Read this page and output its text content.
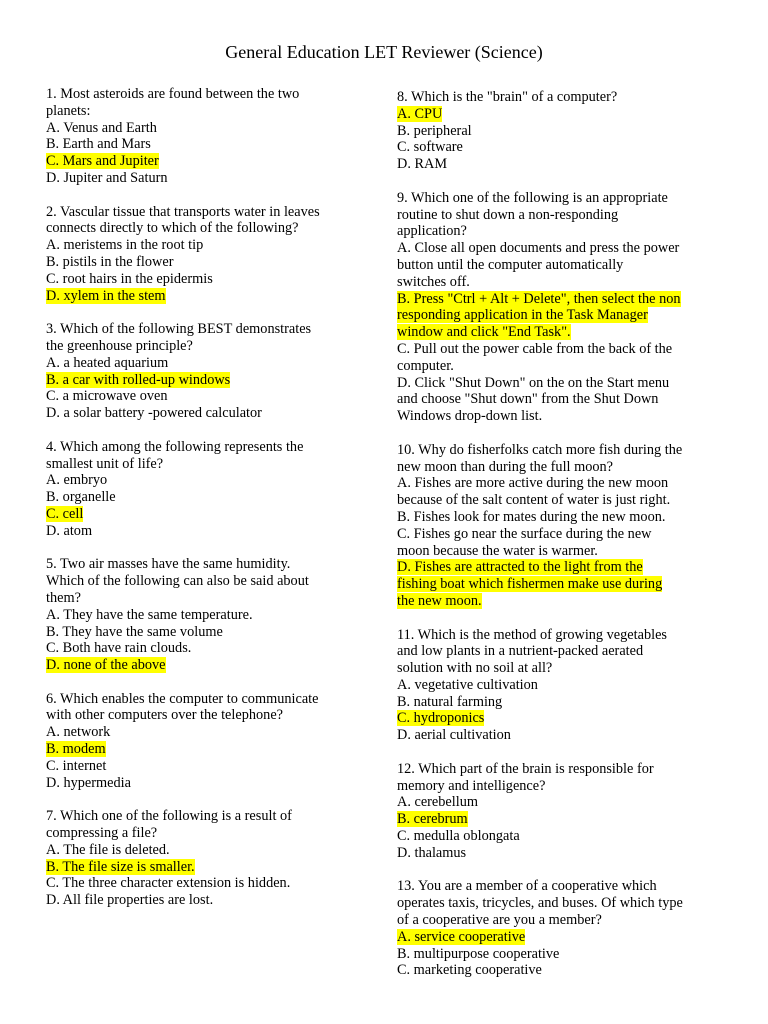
General Education LET Reviewer (Science)
1. Most asteroids are found between the two
planets:
A. Venus and Earth
B. Earth and Mars
C. Mars and Jupiter
D. Jupiter and Saturn
2. Vascular tissue that transports water in leaves
connects directly to which of the following?
A. meristems in the root tip
B. pistils in the flower
C. root hairs in the epidermis
D. xylem in the stem
3. Which of the following BEST demonstrates
the greenhouse principle?
A. a heated aquarium
B. a car with rolled-up windows
C. a microwave oven
D. a solar battery -powered calculator
4. Which among the following represents the
smallest unit of life?
A. embryo
B. organelle
C. cell
D. atom
5. Two air masses have the same humidity.
Which of the following can also be said about
them?
A. They have the same temperature.
B. They have the same volume
C. Both have rain clouds.
D. none of the above
6. Which enables the computer to communicate
with other computers over the telephone?
A. network
B. modem
C. internet
D. hypermedia
7. Which one of the following is a result of
compressing a file?
A. The file is deleted.
B. The file size is smaller.
C. The three character extension is hidden.
D. All file properties are lost.
8. Which is the "brain" of a computer?
A. CPU
B. peripheral
C. software
D. RAM
9. Which one of the following is an appropriate
routine to shut down a non-responding
application?
A. Close all open documents and press the power
button until the computer automatically
switches off.
B. Press "Ctrl + Alt + Delete", then select the non
responding application in the Task Manager
window and click "End Task".
C. Pull out the power cable from the back of the
computer.
D. Click "Shut Down" on the on the Start menu
and choose "Shut down" from the Shut Down
Windows drop-down list.
10. Why do fisherfolks catch more fish during the
new moon than during the full moon?
A. Fishes are more active during the new moon
because of the salt content of water is just right.
B. Fishes look for mates during the new moon.
C. Fishes go near the surface during the new
moon because the water is warmer.
D. Fishes are attracted to the light from the
fishing boat which fishermen make use during
the new moon.
11. Which is the method of growing vegetables
and low plants in a nutrient-packed aerated
solution with no soil at all?
A. vegetative cultivation
B. natural farming
C. hydroponics
D. aerial cultivation
12. Which part of the brain is responsible for
memory and intelligence?
A. cerebellum
B. cerebrum
C. medulla oblongata
D. thalamus
13. You are a member of a cooperative which
operates taxis, tricycles, and buses. Of which type
of a cooperative are you a member?
A. service cooperative
B. multipurpose cooperative
C. marketing cooperative
